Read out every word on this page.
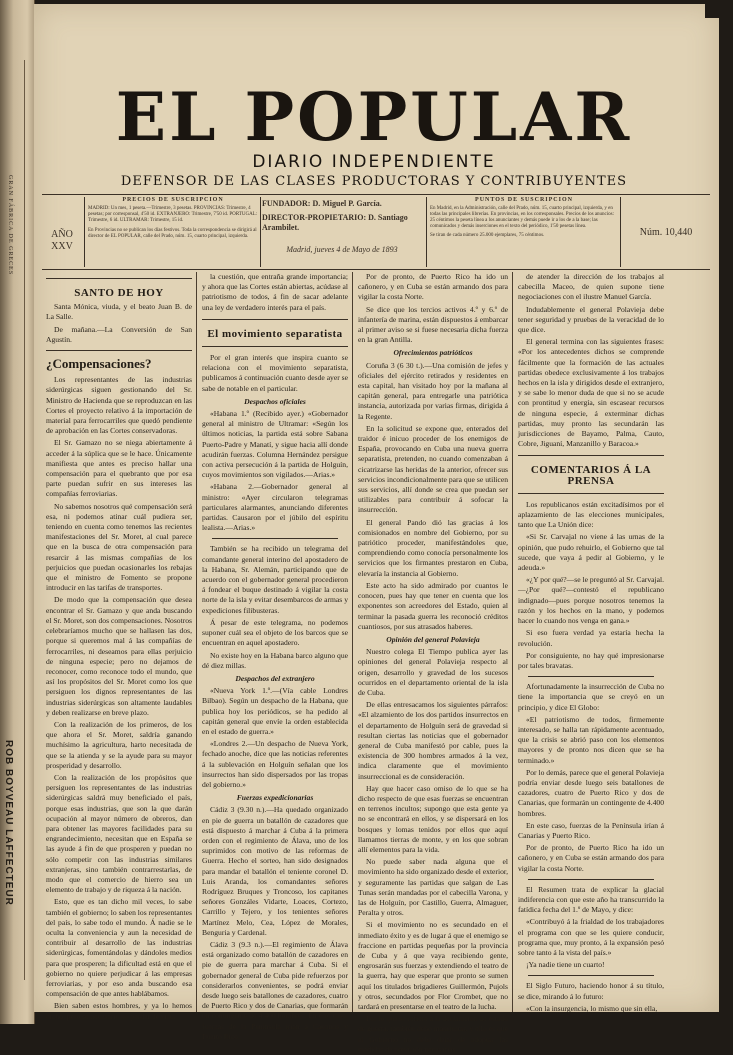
GRAN FÁBRICA DE GRECES
ROB BOYVEAU LAFFECTEUR
EL POPULAR
DIARIO INDEPENDIENTE
DEFENSOR DE LAS CLASES PRODUCTORAS Y CONTRIBUYENTES
AÑO XXV
PRECIOS DE SUSCRIPCION
MADRID: Un mes, 1 peseta.—Trimestre, 3 pesetas. PROVINCIAS: Trimestre, 4 pesetas; por corresponsal, 4'50 id. EXTRANJERO: Trimestre, 7'50 id. PORTUGAL: Trimestre, 6 id. ULTRAMAR: Trimestre, 15 id.
En Provincias no se publican los días festivos. Toda la correspondencia se dirigirá al director de EL POPULAR, calle del Prado, núm. 15, cuarto principal, izquierda.
FUNDADOR: D. Miguel P. García.
DIRECTOR-PROPIETARIO: D. Santiago Arambilet.
Madrid, jueves 4 de Mayo de 1893
PUNTOS DE SUSCRIPCION
En Madrid, en la Administración, calle del Prado, núm. 15, cuarto principal, izquierda, y en todas las principales librerías. En provincias, en los corresponsales. Precios de los anuncios: 25 céntimos la peseta línea a los anunciantes y demás puede ir a los de a la base; las comunicados y demás inserciones en el texto del periódico, 1'50 pesetas línea.
Se tiran de cada número 25.000 ejemplares, 75 céntimos.	Núm. 10,440
SANTO DE HOY

Santa Mónica, viuda, y el beato Juan B. de La Salle.

De mañana.—La Conversión de San Agustín.

¿Compensaciones?

Los representantes de las industrias siderúrgicas siguen gestionando del Sr. Ministro de Hacienda que se reproduzcan en las Cortes el proyecto relativo á la importación de material para ferrocarriles que quedó pendiente de aprobación en las Cortes conservadoras.

El Sr. Gamazo no se niega abiertamente á acceder á la súplica que se le hace. Únicamente manifiesta que antes es preciso hallar una compensación para el quebranto que por esa parte puedan sufrir en sus intereses las compañías ferroviarias.

No sabemos nosotros qué compensación será esa, ni podemos atinar cuál pudiera ser, teniendo en cuenta como tenemos las recientes manifestaciones del Sr. Moret, al cual parece que en la busca de otra compensación para resarcir á las mismas compañías de los perjuicios que puedan ocasionarles los rebajas que el ministro de Fomento se propone introducir en las tarifas de transportes.

De modo que la compensación que desea encontrar el Sr. Gamazo y que anda buscando el Sr. Moret, son dos compensaciones. Nosotros celebraríamos mucho que se hallasen las dos, porque si queremos mal á las compañías de ferrocarriles, ni deseamos para ellas perjuicio de ninguna especie; pero no dejamos de reconocer, como reconoce todo el mundo, que así los propósitos del Sr. Moret como los que persiguen los dignos representantes de las industrias siderúrgicas son altamente laudables y deben realizarse en breve plazo.

Con la realización de los primeros, de los que ahora el Sr. Moret, saldría ganando muchísimo la agricultura, harto necesitada de que se la atienda y se la ayude para su mayor prosperidad y desarrollo.

Con la realización de los propósitos que persiguen los representantes de las industrias siderúrgicas saldrá muy beneficiado el país, porque esas industrias, que son la que darán ocupación al mayor número de obreros, dan para obtener las mayores facilidades para su engrandecimiento, necesitan que en España se las ayude á fin de que prosperen y puedan no sólo competir con las industrias similares extranjeras, sino también contrarrestarlas, de modo que el comercio de hierro sea un elemento de trabajo y de riqueza á la nación.

Esto, que es tan dicho mil veces, lo sabe también el gobierno; lo saben los representantes del país, lo sabe todo el mundo. Á nadie se le oculta la conveniencia y aun la necesidad de contribuir al desarrollo de las industrias siderúrgicas, fomentándolas y dándoles medios para que prosperen; la dificultad está en que el gobierno no quiere perjudicar á las empresas ferroviarias, y por eso anda buscando esa compensación de que antes hablábamos.

Bien saben estos hombres, y ya lo hemos dicho; pero se necesario no perder de vista

la cuestión, que entraña grande importancia; y ahora que las Cortes están abiertas, acúdase al patriotismo de todos, á fin de sacar adelante una ley de verdadero interés para el país.

El movimiento separatista

Por el gran interés que inspira cuanto se relaciona con el movimiento separatista, publicamos á continuación cuanto desde ayer se sabe de notable en el particular.

Despachos oficiales

«Habana 1.º (Recibido ayer.) «Gobernador general al ministro de Ultramar: «Según los últimos noticias, la partida está sobre Sabana Puerto-Padre y Manatí, y sigue hacia allí donde acudirán fuerzas. Columna Hernández persigue con activa persecución á la partida de Holguín, cuyos movimientos son vigilados.—Arias.»

«Habana 2.—Gobernador general al ministro: «Ayer circularon telegramas particulares alarmantes, anunciando diferentes partidas. Causaron por el júbilo del espíritu lealista.—Arias.»

También se ha recibido un telegrama del comandante general interino del apostadero de la Habana, Sr. Alemán, participando que de acuerdo con el gobernador general procedieron á fondear el buque destinado á vigilar la costa norte de la isla y evitar desembarcos de armas y expediciones filibusteras.

Á pesar de este telegrama, no podemos suponer cuál sea el objeto de los barcos que se encuentran en aquel apostadero.

No existe hoy en la Habana barco alguno que dé diez millas.

Despachos del extranjero

«Nueva York 1.º.—(Vía cable Londres Bilbao). Según un despacho de la Habana, que publica hoy los periódicos, se ha pedido al capitán general que envíe la orden establecida en el estado de guerra.»

«Londres 2.—Un despacho de Nueva York, fechado anoche, dice que las noticias referentes á la sublevación en Holguín señalan que los insurrectos han sido dispersados por las tropas del gobierno.»

Fuerzas expedicionarias

Cádiz 3 (9.30 n.).—Ha quedado organizado en pie de guerra un batallón de cazadores que está dispuesto á marchar á Cuba á la primera orden con el regimiento de Álava, uno de los suprimidos con motivo de las reformas de Guerra. Hecho el sorteo, han sido designados para mandar el batallón el teniente coronel D. Luis Aranda, los comandantes señores Rodríguez Bruques y Troncoso, los capitanes señores Gonzáles Vidarte, Loaces, Cortezo, Carrillo y Tejero, y los tenientes señores Martínez Melo, Cea, López de Morales, Benguria y Cardenal.

Cádiz 3 (9.3 n.).—El regimiento de Álava está organizado como batallón de cazadores en pie de guerra para marchar á Cuba. Si el gobernador general de Cuba pide refuerzos por considerarlos convenientes, se podrá enviar desde luego seis batallones de cazadores, cuatro de Puerto Rico y dos de Canarias, que formarán un contingente de 4.400 hombres. En este caso, fuerzas de la Península irían á Canarias y Puerto Rico.

Por de pronto, de Puerto Rico ha ido un cañonero, y en Cuba se están armando dos para vigilar la costa Norte.

Se dice que los tercios activos 4.º y 6.º de infantería de marina, están dispuestos á embarcar al primer aviso se si fuese necesaria dicha fuerza en la gran Antilla.

Ofrecimientos patrióticos

Coruña 3 (6 30 t.).—Una comisión de jefes y oficiales del ejército retirados y residentes en esta capital, han visitado hoy por la mañana al capitán general, para entregarle una patriótica instancia, autorizada por varias firmas, dirigida á la Regente.

En la solicitud se expone que, enterados del traidor é inicuo proceder de los enemigos de España, provocando en Cuba una nueva guerra separatista, pretenden, no cuando comenzaban á cicatrizarse las heridas de la anterior, ofrecer sus servicios incondicionalmente para que se utilicen sus servicios, allí donde se crea que puedan ser utilizables para contribuir á sofocar la insurrección.

El general Pando dió las gracias á los comisionados en nombre del Gobierno, por su patriótico proceder, manifestándoles que, comprendiendo como conocía personalmente los servicios que los firmantes prestaron en Cuba, elevaría la instancia al Gobierno.

Este acto ha sido admirado por cuantos le conocen, pues hay que tener en cuenta que los exponentes son acreedores del Estado, quien al terminar la pasada guerra les reconoció créditos cuantiosos, por sus atrasados haberes.

Opinión del general Polavieja

Nuestro colega El Tiempo publica ayer las opiniones del general Polavieja respecto al origen, desarrollo y gravedad de los sucesos ocurridos en el departamento oriental de la isla de Cuba.

De ellas entresacamos los siguientes párrafos: «El alzamiento de los dos partidos insurrectos en el departamento de Holguín será de gravedad si resultan ciertas las noticias que el gobernador general de Cuba manifestó por cable, pues la existencia de 300 hombres armados á la vez, indica claramente que el movimiento insurreccional es de consideración.

Hay que hacer caso omiso de lo que se ha dicho respecto de que esas fuerzas se encuentran en terrenos incultos; supongo que esta gente ya no se encontrará en ellos, y se dispersará en los bosques y lomas tenidos por ellos que aquí llamamos tierras de monte, y en los que sobran allí elementos para la vida.

No puede saber nada alguna que el movimiento ha sido organizado desde el exterior, y seguramente las partidas que salgan de Las Tunas serán mandadas por el cabecilla Varona, y las de Holguín, por Castillo, Guerra, Almaguer, Peralta y otros.

Si el movimiento no es secundado en el inmediato éxito y es de lugar á que el enemigo se fraccione en partidas pequeñas por la provincia de Cuba y á que vaya recibiendo gente, engrosarán sus fuerzas y extendiendo el teatro de la guerra, hay que esperar que pronto se sumen aquí los titulados brigadieres Guillermón, Pujols y otros, secundados por Flor Crombet, que no tardará en presentarse en el teatro de la lucha.

Por lo que se refiere á la declaración de estado de guerra, también debo manifestar, y ello es que el Gobierno no debe dejar de adoptar las medidas de previsión necesarias.

de atender la dirección de los trabajos al cabecilla Maceo, de quien supone tiene negociaciones con el ilustre Manuel García.

Indudablemente el general Polavieja debe tener seguridad y pruebas de la veracidad de lo que dice.

El general termina con las siguientes frases: «Por los antecedentes dichos se comprende fácilmente que la formación de las actuales partidas obedece exclusivamente á los trabajos hechos en la isla y dirigidos desde el extranjero, y se sabe lo menor duda de que si no se acude con prontitud y energía, sin escasear recursos de ninguna especie, á exterminar dichas partidas, muy pronto las secundarán las jurisdicciones de Bayamo, Palma, Cauto, Cobre, Jiguaní, Manzanillo y Baracoa.»

COMENTARIOS Á LA PRENSA

Los republicanos están excitadísimos por el aplazamiento de las elecciones municipales, tanto que La Unión dice:

«Si Sr. Carvajal no viene á las urnas de la opinión, que pudo rehuirlo, el Gobierno que tal sucede, que vaya á pedir al Gobierno, y le adeuda.»

«¿Y por qué?—se le preguntó al Sr. Carvajal. —¿Por qué?—contestó el republicano indignado—pues porque nosotros tenemos la razón y los hechos en la mano, y podemos hacer lo cuando nos venga en gana.»

Si eso fuera verdad ya estaría hecha la revolución.

Por consiguiente, no hay qué impresionarse por tales bravatas.

Afortunadamente la insurrección de Cuba no tiene la importancia que se creyó en un principio, y dice El Globo:

«El patriotismo de todos, firmemente interesado, se halla tan rápidamente acentuado, que la crisis se abrió paso con los elementos mayores y de pronto nos dicen que se ha terminado.»

Por lo demás, parece que el general Polavieja podría enviar desde luego seis batallones de cazadores, cuatro de Puerto Rico y dos de Canarias, que formarán un contingente de 4.400 hombres.

En este caso, fuerzas de la Península irían á Canarias y Puerto Rico.

Por de pronto, de Puerto Rico ha ido un cañonero, y en Cuba se están armando dos para vigilar la costa Norte.

El Resumen trata de explicar la glacial indiferencia con que este año ha transcurrido la fatídica fecha del 1.º de Mayo, y dice:

«Contribuyó á la frialdad de los trabajadores el programa con que se les quiere conducir, programa que, muy pronto, á la expansión pesó sobre tanto á la vista del país.»

¡Ya nadie tiene un cuarto!

El Siglo Futuro, haciendo honor á su título, se dice, mirando á lo futuro:

«Con la insurgencia, lo mismo que sin ella,
